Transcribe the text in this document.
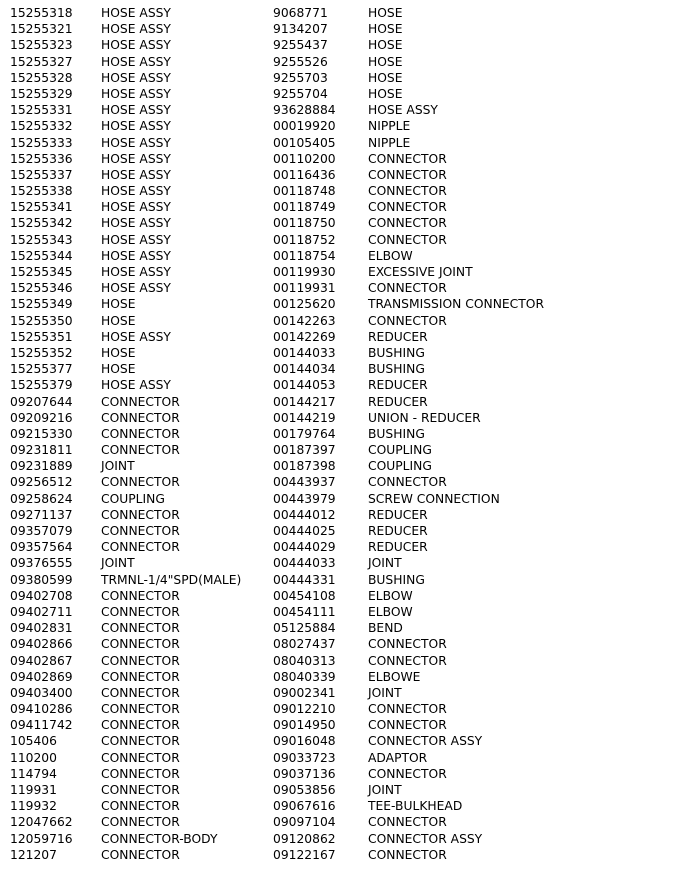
15255318
15255321
15255323
15255327
15255328
15255329
15255331
15255332
15255333
15255336
15255337
15255338
15255341
15255342
15255343
15255344
15255345
15255346
15255349
15255350
15255351
15255352
15255377
15255379
09207644
09209216
09215330
09231811
09231889
09256512
09258624
09271137
09357079
09357564
09376555
09380599
09402708
09402711
09402831
09402866
09402867
09402869
09403400
09410286
09411742
105406
110200
114794
119931
119932
12047662
12059716
121207
HOSE ASSY
HOSE ASSY
HOSE ASSY
HOSE ASSY
HOSE ASSY
HOSE ASSY
HOSE ASSY
HOSE ASSY
HOSE ASSY
HOSE ASSY
HOSE ASSY
HOSE ASSY
HOSE ASSY
HOSE ASSY
HOSE ASSY
HOSE ASSY
HOSE ASSY
HOSE ASSY
HOSE
HOSE
HOSE ASSY
HOSE
HOSE
HOSE ASSY
CONNECTOR
CONNECTOR
CONNECTOR
CONNECTOR
JOINT
CONNECTOR
COUPLING
CONNECTOR
CONNECTOR
CONNECTOR
JOINT
TRMNL-1/4"SPD(MALE)
CONNECTOR
CONNECTOR
CONNECTOR
CONNECTOR
CONNECTOR
CONNECTOR
CONNECTOR
CONNECTOR
CONNECTOR
CONNECTOR
CONNECTOR
CONNECTOR
CONNECTOR
CONNECTOR
CONNECTOR
CONNECTOR-BODY
CONNECTOR
9068771
9134207
9255437
9255526
9255703
9255704
93628884
00019920
00105405
00110200
00116436
00118748
00118749
00118750
00118752
00118754
00119930
00119931
00125620
00142263
00142269
00144033
00144034
00144053
00144217
00144219
00179764
00187397
00187398
00443937
00443979
00444012
00444025
00444029
00444033
00444331
00454108
00454111
05125884
08027437
08040313
08040339
09002341
09012210
09014950
09016048
09033723
09037136
09053856
09067616
09097104
09120862
09122167
HOSE
HOSE
HOSE
HOSE
HOSE
HOSE
HOSE ASSY
NIPPLE
NIPPLE
CONNECTOR
CONNECTOR
CONNECTOR
CONNECTOR
CONNECTOR
CONNECTOR
ELBOW
EXCESSIVE JOINT
CONNECTOR
TRANSMISSION CONNECTOR
CONNECTOR
REDUCER
BUSHING
BUSHING
REDUCER
REDUCER
UNION - REDUCER
BUSHING
COUPLING
COUPLING
CONNECTOR
SCREW CONNECTION
REDUCER
REDUCER
REDUCER
JOINT
BUSHING
ELBOW
ELBOW
BEND
CONNECTOR
CONNECTOR
ELBOWE
JOINT
CONNECTOR
CONNECTOR
CONNECTOR ASSY
ADAPTOR
CONNECTOR
JOINT
TEE-BULKHEAD
CONNECTOR
CONNECTOR ASSY
CONNECTOR
